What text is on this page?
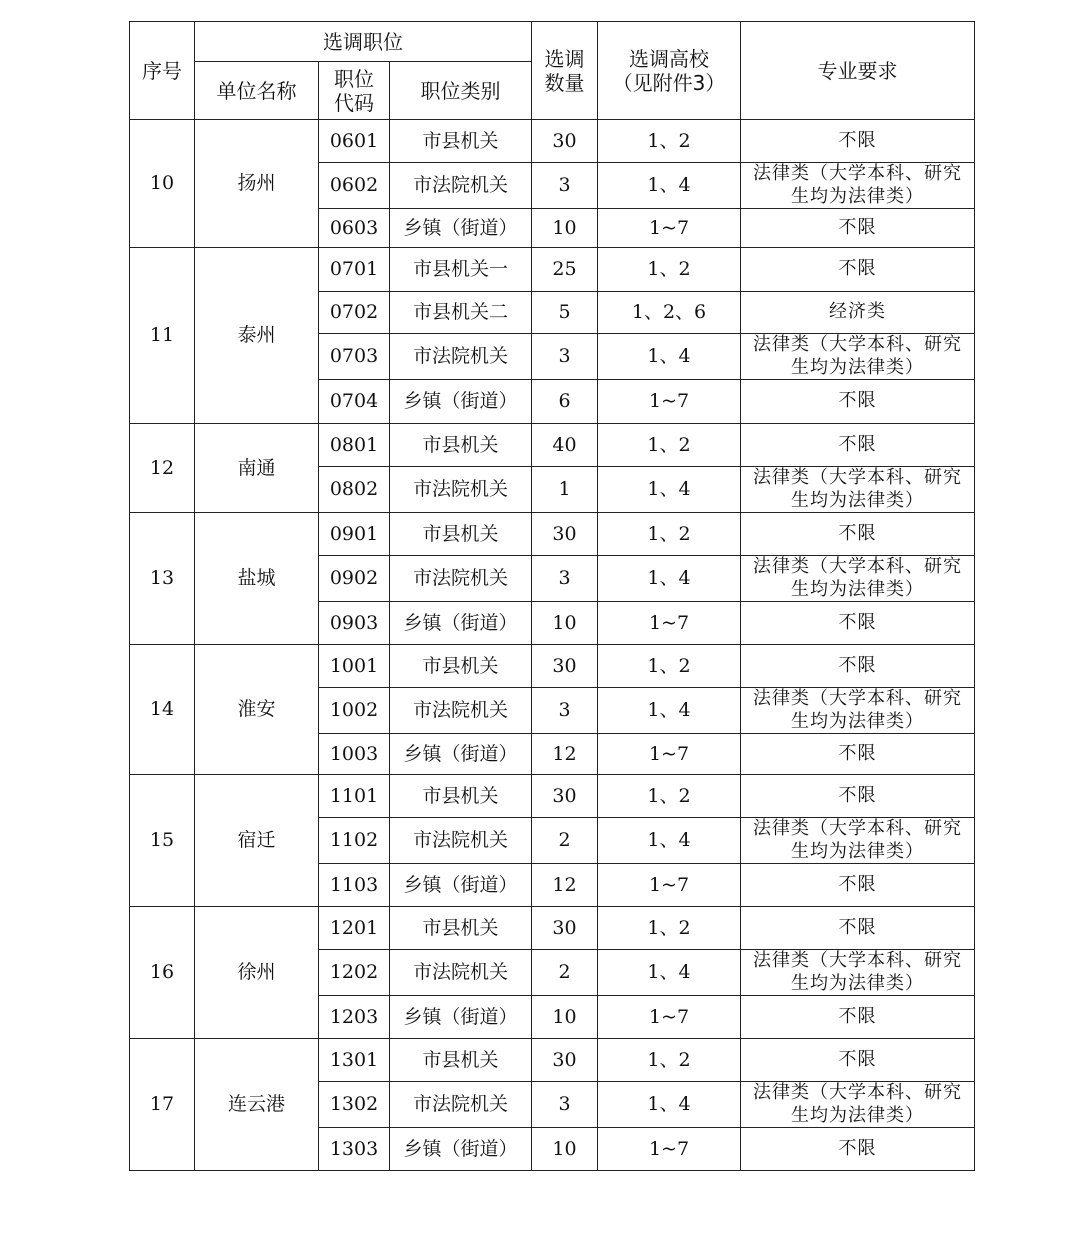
序号	选调职位			选调数量	选调高校（见附件3）	专业要求
	单位名称	职位代码	职位类别			
10	扬州	0601	市县机关	30	1、2	不限
		0602	市法院机关	3	1、4	法律类（大学本科、研究生均为法律类）
		0603	乡镇（街道）	10	1~7	不限
11	泰州	0701	市县机关一	25	1、2	不限
		0702	市县机关二	5	1、2、6	经济类
		0703	市法院机关	3	1、4	法律类（大学本科、研究生均为法律类）
		0704	乡镇（街道）	6	1~7	不限
12	南通	0801	市县机关	40	1、2	不限
		0802	市法院机关	1	1、4	法律类（大学本科、研究生均为法律类）
13	盐城	0901	市县机关	30	1、2	不限
		0902	市法院机关	3	1、4	法律类（大学本科、研究生均为法律类）
		0903	乡镇（街道）	10	1~7	不限
14	淮安	1001	市县机关	30	1、2	不限
		1002	市法院机关	3	1、4	法律类（大学本科、研究生均为法律类）
		1003	乡镇（街道）	12	1~7	不限
15	宿迁	1101	市县机关	30	1、2	不限
		1102	市法院机关	2	1、4	法律类（大学本科、研究生均为法律类）
		1103	乡镇（街道）	12	1~7	不限
16	徐州	1201	市县机关	30	1、2	不限
		1202	市法院机关	2	1、4	法律类（大学本科、研究生均为法律类）
		1203	乡镇（街道）	10	1~7	不限
17	连云港	1301	市县机关	30	1、2	不限
		1302	市法院机关	3	1、4	法律类（大学本科、研究生均为法律类）
		1303	乡镇（街道）	10	1~7	不限
